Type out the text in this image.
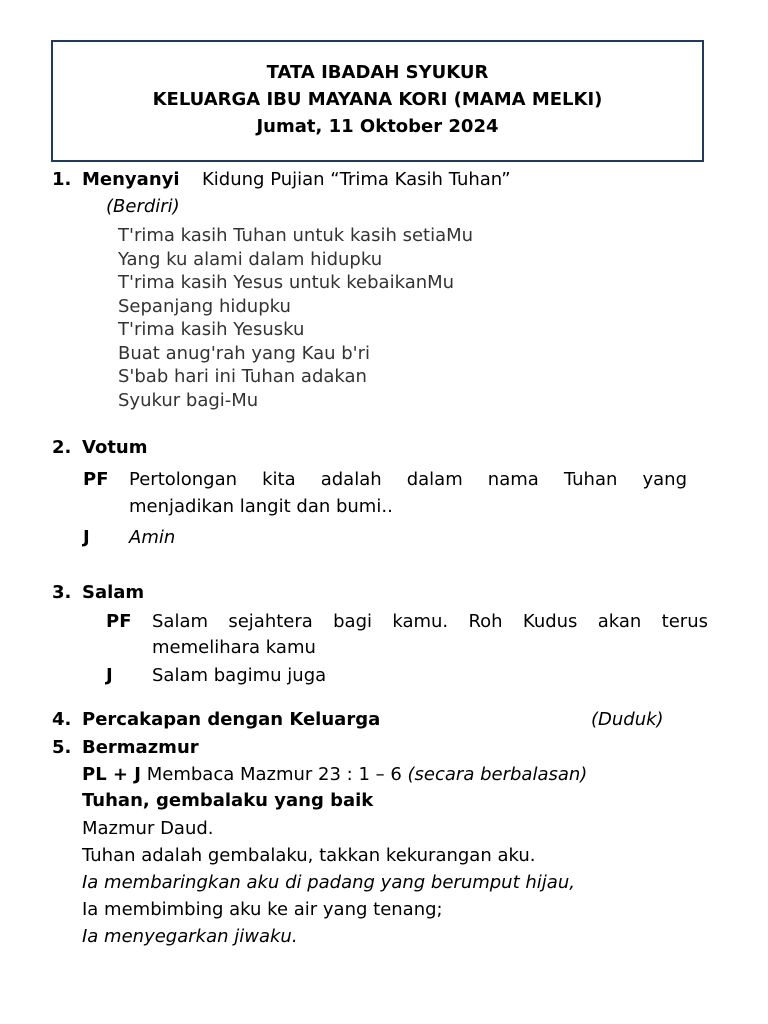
TATA IBADAH SYUKUR
KELUARGA IBU MAYANA KORI (MAMA MELKI)
Jumat, 11 Oktober 2024
1. Menyanyi Kidung Pujian “Trima Kasih Tuhan”
(Berdiri)
T'rima kasih Tuhan untuk kasih setiaMu
Yang ku alami dalam hidupku
T'rima kasih Yesus untuk kebaikanMu
Sepanjang hidupku
T'rima kasih Yesusku
Buat anug'rah yang Kau b'ri
S'bab hari ini Tuhan adakan
Syukur bagi-Mu
2. Votum
PF Pertolongan kita adalah dalam nama Tuhan yang
menjadikan langit dan bumi..
J Amin
3. Salam
PF Salam sejahtera bagi kamu. Roh Kudus akan terus
memelihara kamu
J Salam bagimu juga
4. Percakapan dengan Keluarga	(Duduk)
5. Bermazmur
PL + J Membaca Mazmur 23 : 1 – 6 (secara berbalasan)
Tuhan, gembalaku yang baik
Mazmur Daud.
Tuhan adalah gembalaku, takkan kekurangan aku.
Ia membaringkan aku di padang yang berumput hijau,
Ia membimbing aku ke air yang tenang;
Ia menyegarkan jiwaku.
